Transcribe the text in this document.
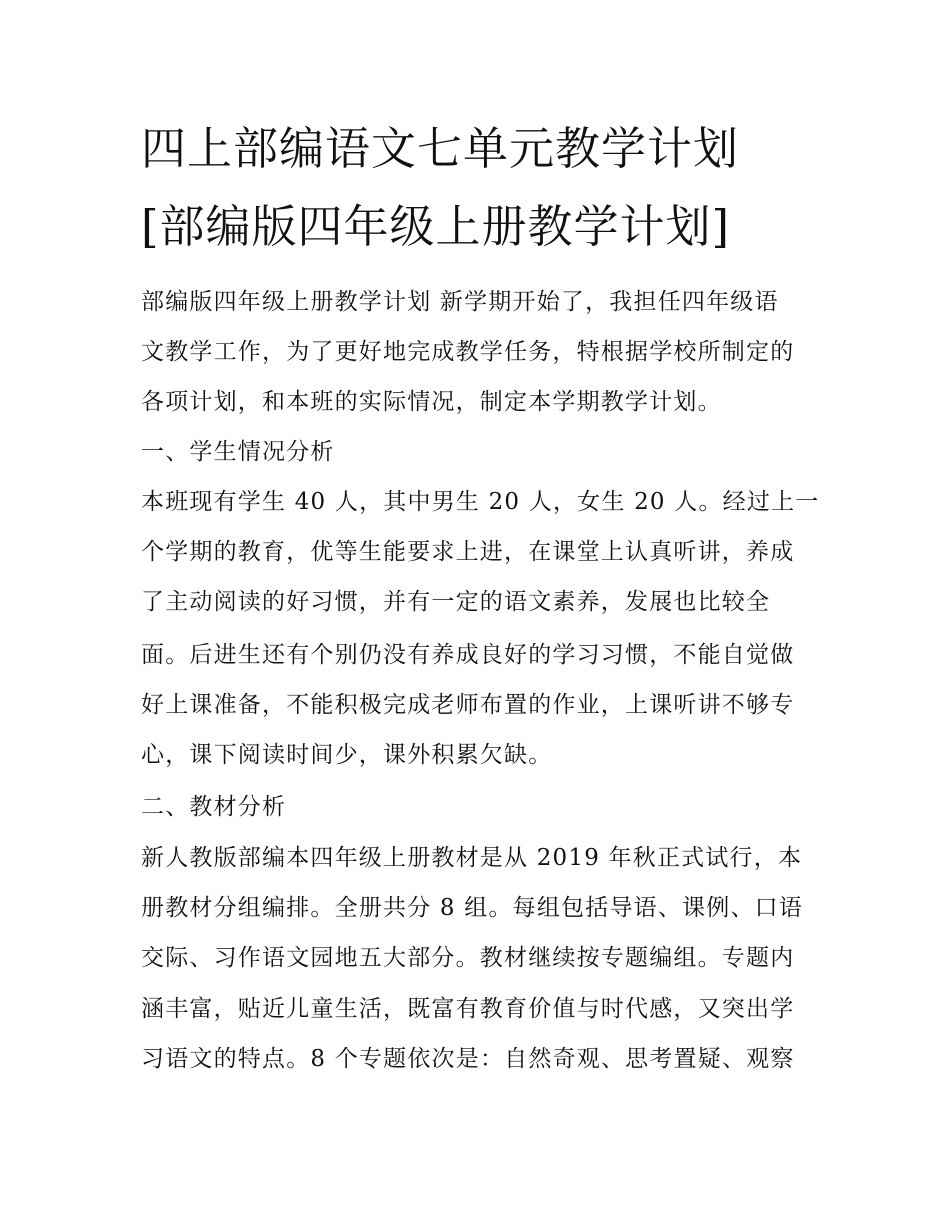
四上部编语文七单元教学计划
[部编版四年级上册教学计划]
部编版四年级上册教学计划 新学期开始了，我担任四年级语
文教学工作，为了更好地完成教学任务，特根据学校所制定的
各项计划，和本班的实际情况，制定本学期教学计划。
一、学生情况分析
本班现有学生 40 人，其中男生 20 人，女生 20 人。经过上一
个学期的教育，优等生能要求上进，在课堂上认真听讲，养成
了主动阅读的好习惯，并有一定的语文素养，发展也比较全
面。后进生还有个别仍没有养成良好的学习习惯，不能自觉做
好上课准备，不能积极完成老师布置的作业，上课听讲不够专
心，课下阅读时间少，课外积累欠缺。
二、教材分析
新人教版部编本四年级上册教材是从 2019 年秋正式试行，本
册教材分组编排。全册共分 8 组。每组包括导语、课例、口语
交际、习作语文园地五大部分。教材继续按专题编组。专题内
涵丰富，贴近儿童生活，既富有教育价值与时代感，又突出学
习语文的特点。8 个专题依次是：自然奇观、思考置疑、观察
